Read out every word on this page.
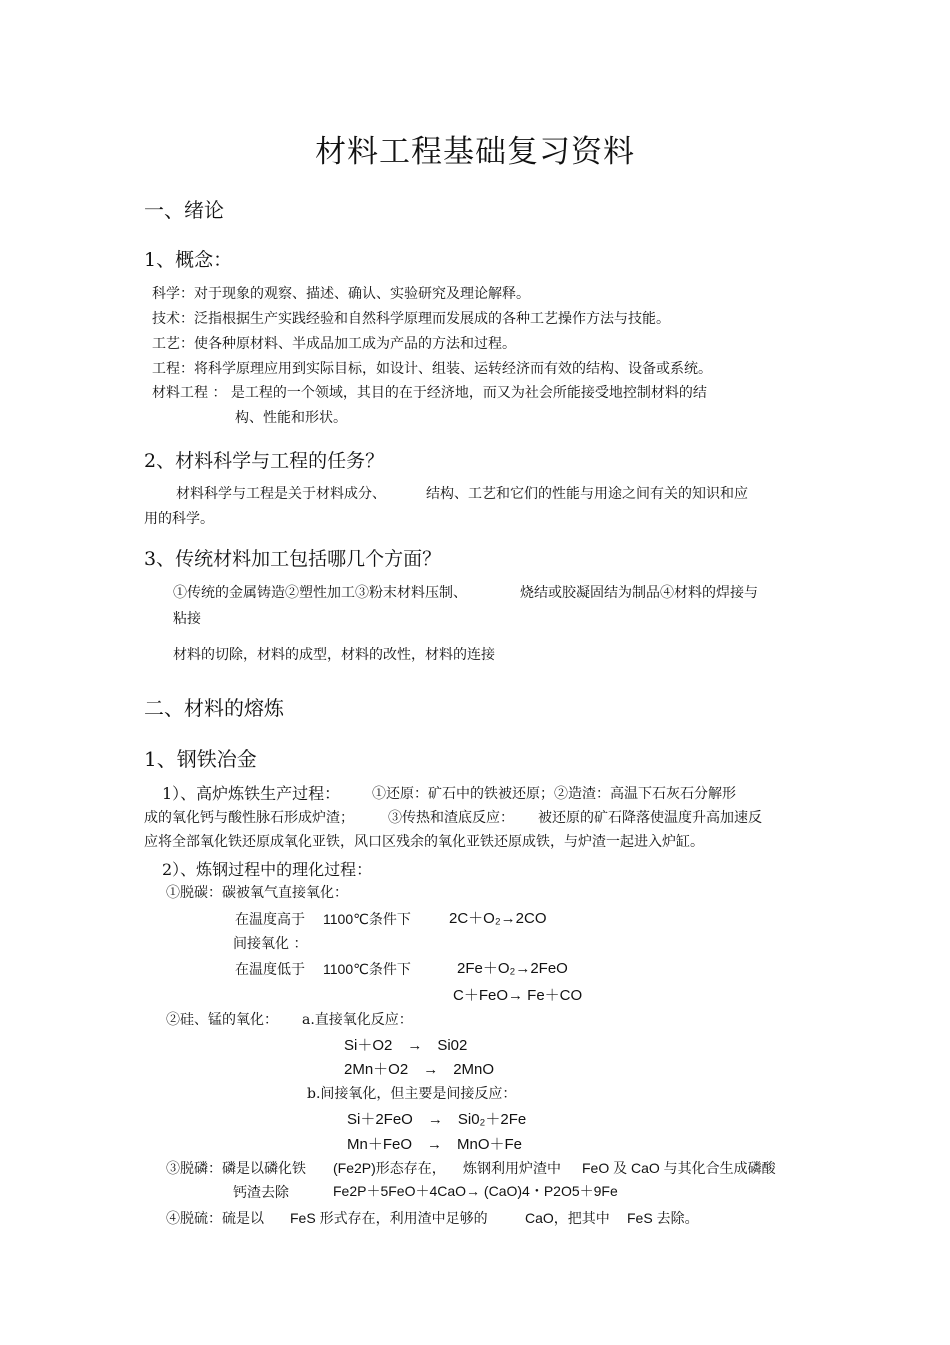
材料工程基础复习资料
一、绪论
1、概念：
科学：对于现象的观察、描述、确认、实验研究及理论解释。
技术：泛指根据生产实践经验和自然科学原理而发展成的各种工艺操作方法与技能。
工艺：使各种原材料、半成品加工成为产品的方法和过程。
工程：将科学原理应用到实际目标，如设计、组装、运转经济而有效的结构、设备或系统。
材料工程 ： 是工程的一个领域，其目的在于经济地，而又为社会所能接受地控制材料的结
构、性能和形状。
2、材料科学与工程的任务？
材料科学与工程是关于材料成分、	结构、工艺和它们的性能与用途之间有关的知识和应
用的科学。
3、传统材料加工包括哪几个方面？
①传统的金属铸造②塑性加工③粉末材料压制、	烧结或胶凝固结为制品④材料的焊接与
粘接
材料的切除，材料的成型，材料的改性，材料的连接
二、材料的熔炼
1、钢铁冶金
1）、高炉炼铁生产过程： ①还原：矿石中的铁被还原；②造渣：高温下石灰石分解形
成的氧化钙与酸性脉石形成炉渣； ③传热和渣底反应： 被还原的矿石降落使温度升高加速反
应将全部氧化铁还原成氧化亚铁，风口区残余的氧化亚铁还原成铁，与炉渣一起进入炉缸。
2）、炼钢过程中的理化过程：
①脱碳：碳被氧气直接氧化：
在温度高于 1100℃条件下	2C＋O₂→2CO
间接氧化 ：
在温度低于 1100℃条件下	2Fe＋O₂→2FeO
C＋FeO→ Fe＋CO
②硅、锰的氧化： a.直接氧化反应：
Si＋O2　→　Si02
2Mn＋O2　→　2MnO
b.间接氧化，但主要是间接反应：
Si＋2FeO　→　Si0₂＋2Fe
Mn＋FeO　→　MnO＋Fe
③脱磷：磷是以磷化铁 (Fe2P)形态存在， 炼钢利用炉渣中 FeO 及 CaO 与其化合生成磷酸
钙渣去除	Fe2P＋5FeO＋4CaO→ (CaO)4・P2O5＋9Fe
④脱硫：硫是以 FeS 形式存在，利用渣中足够的	CaO，把其中 FeS 去除。
